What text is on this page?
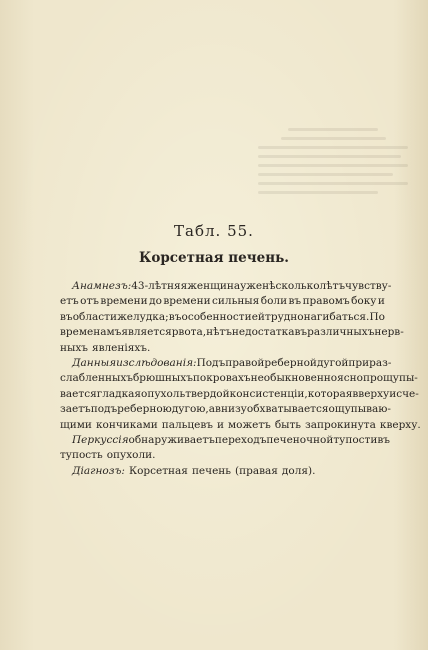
Табл. 55.
Корсетная печень.
Анамнезъ: 43-лѣтняя женщина уже нѣсколько лѣтъ чувству-
етъ отъ времени до времени сильныя боли въ правомъ боку и
въ области желудка; въ особенности ей трудно нагибаться. По
временамъ является рвота, нѣтъ недостатка въ различныхъ нерв-
ныхъ явленіяхъ.
Данныя изслѣдованія: Подъ правой реберной дугой при раз-
слабленныхъ брюшныхъ покровахъ необыкновенно ясно прощупы-
вается гладкая опухоль твердой консистенціи, которая вверху исче-
заетъ подъ реберною дугою, а внизу обхватывается ощупываю-
щими кончиками пальцевъ и можетъ быть запрокинута кверху.
Перкуссія обнаруживаетъ переходъ печеночной тупости въ
тупость опухоли.
Діагнозъ: Корсетная печень (правая доля).
